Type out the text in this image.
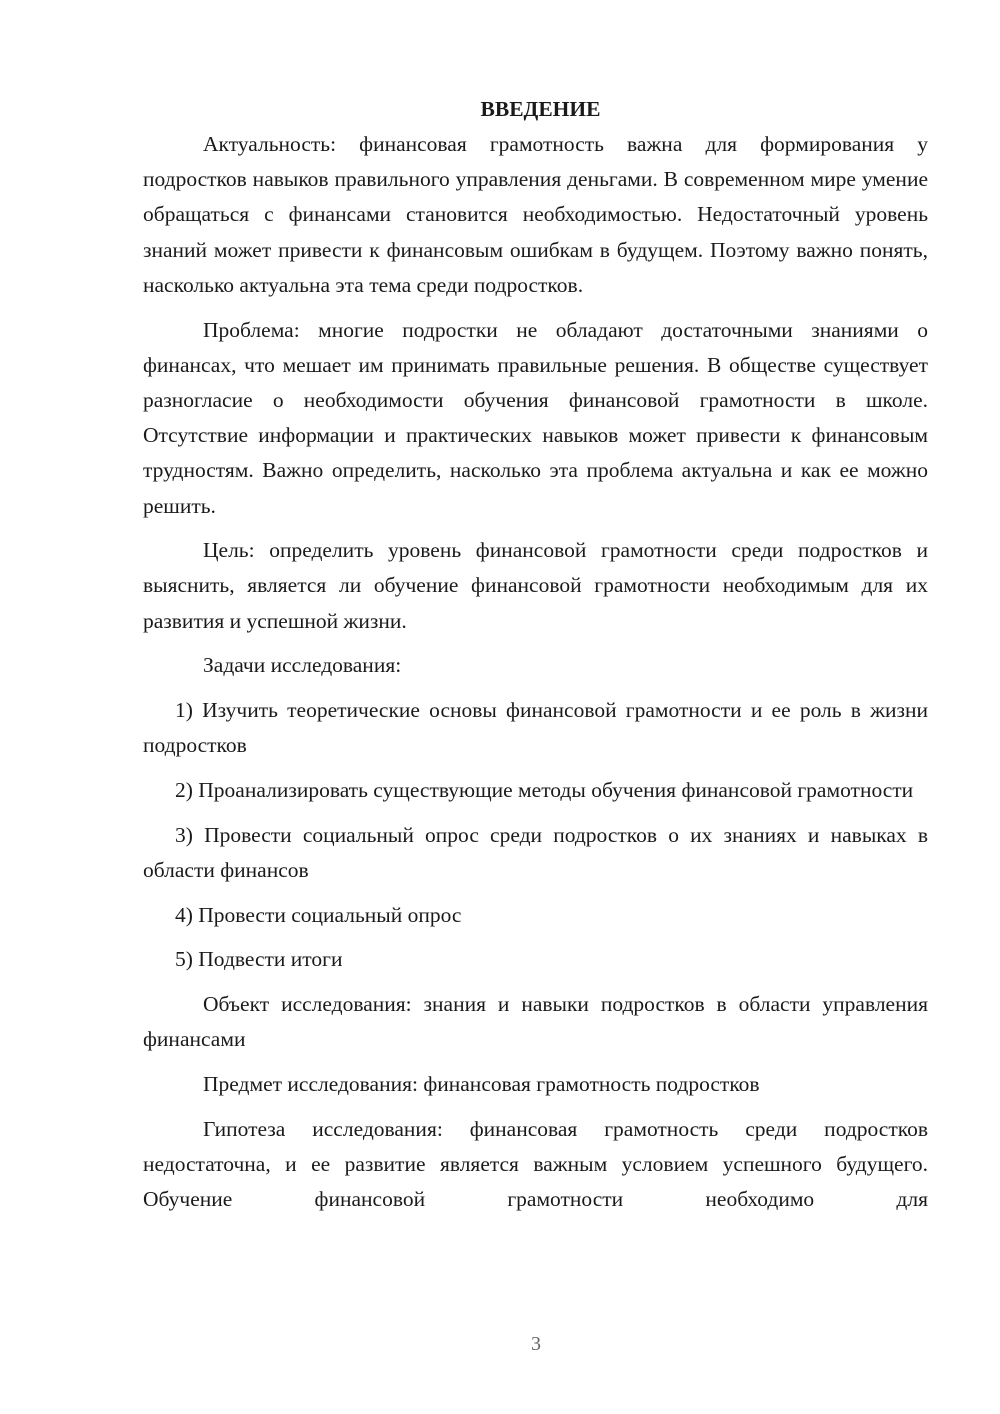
ВВЕДЕНИЕ

Актуальность: финансовая грамотность важна для формирования у подростков навыков правильного управления деньгами. В современном мире умение обращаться с финансами становится необходимостью. Недостаточный уровень знаний может привести к финансовым ошибкам в будущем. Поэтому важно понять, насколько актуальна эта тема среди подростков.

Проблема: многие подростки не обладают достаточными знаниями о финансах, что мешает им принимать правильные решения. В обществе существует разногласие о необходимости обучения финансовой грамотности в школе. Отсутствие информации и практических навыков может привести к финансовым трудностям. Важно определить, насколько эта проблема актуальна и как ее можно решить.

Цель: определить уровень финансовой грамотности среди подростков и выяснить, является ли обучение финансовой грамотности необходимым для их развития и успешной жизни.

Задачи исследования:

1) Изучить теоретические основы финансовой грамотности и ее роль в жизни подростков

2) Проанализировать существующие методы обучения финансовой грамотности

3) Провести социальный опрос среди подростков о их знаниях и навыках в области финансов

4) Провести социальный опрос

5) Подвести итоги

Объект исследования: знания и навыки подростков в области управления финансами

Предмет исследования: финансовая грамотность подростков

Гипотеза исследования: финансовая грамотность среди подростков недостаточна, и ее развитие является важным условием успешного будущего. Обучение финансовой грамотности необходимо для

3
